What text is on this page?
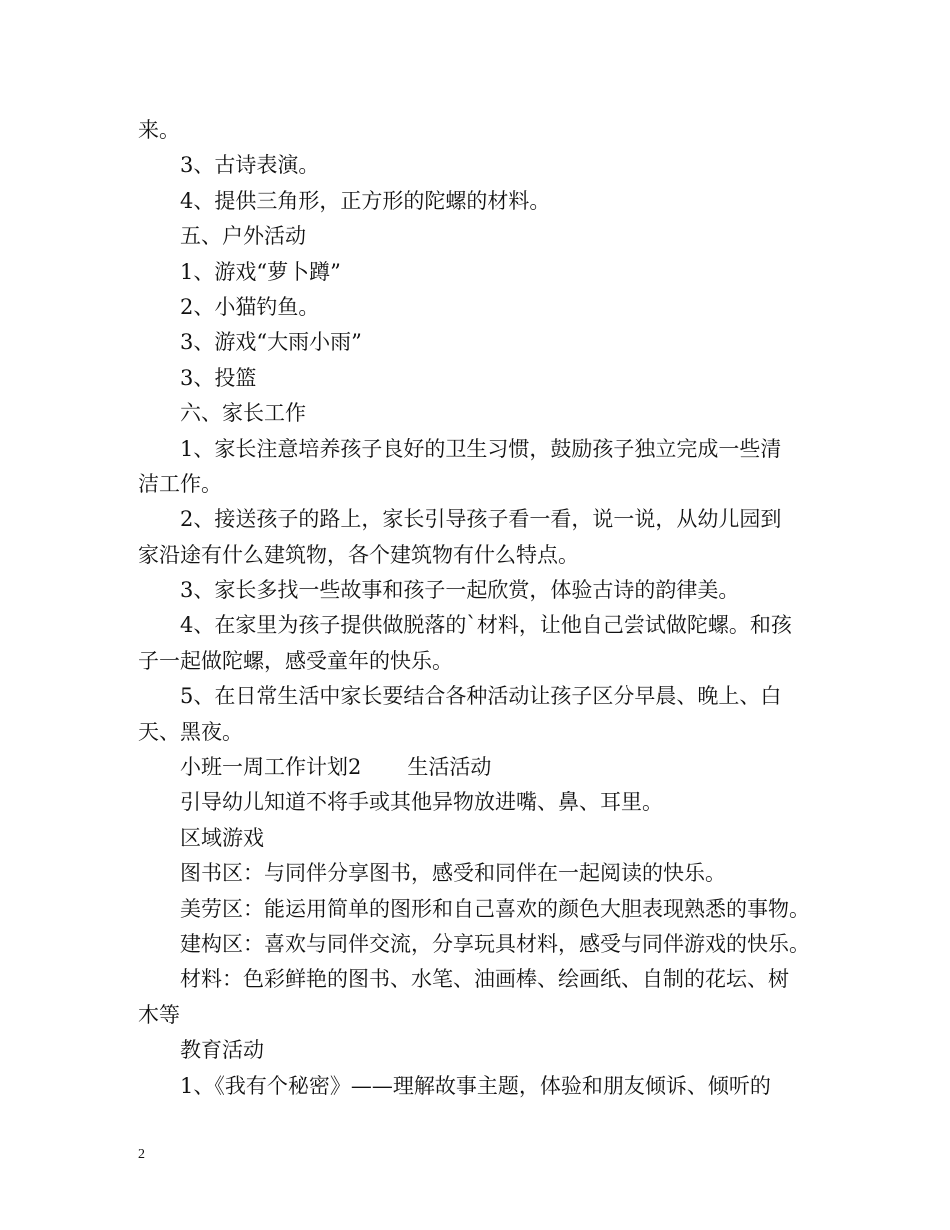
来。
3、古诗表演。
4、提供三角形，正方形的陀螺的材料。
五、户外活动
1、游戏“萝卜蹲”
2、小猫钓鱼。
3、游戏“大雨小雨”
3、投篮
六、家长工作
1、家长注意培养孩子良好的卫生习惯，鼓励孩子独立完成一些清
洁工作。
2、接送孩子的路上，家长引导孩子看一看，说一说，从幼儿园到
家沿途有什么建筑物，各个建筑物有什么特点。
3、家长多找一些故事和孩子一起欣赏，体验古诗的韵律美。
4、在家里为孩子提供做脱落的`材料，让他自己尝试做陀螺。和孩
子一起做陀螺，感受童年的快乐。
5、在日常生活中家长要结合各种活动让孩子区分早晨、晚上、白
天、黑夜。
小班一周工作计划2 生活活动
引导幼儿知道不将手或其他异物放进嘴、鼻、耳里。
区域游戏
图书区：与同伴分享图书，感受和同伴在一起阅读的快乐。
美劳区：能运用简单的图形和自己喜欢的颜色大胆表现熟悉的事物。
建构区：喜欢与同伴交流，分享玩具材料，感受与同伴游戏的快乐。
材料：色彩鲜艳的图书、水笔、油画棒、绘画纸、自制的花坛、树
木等
教育活动
1、《我有个秘密》——理解故事主题，体验和朋友倾诉、倾听的
2
